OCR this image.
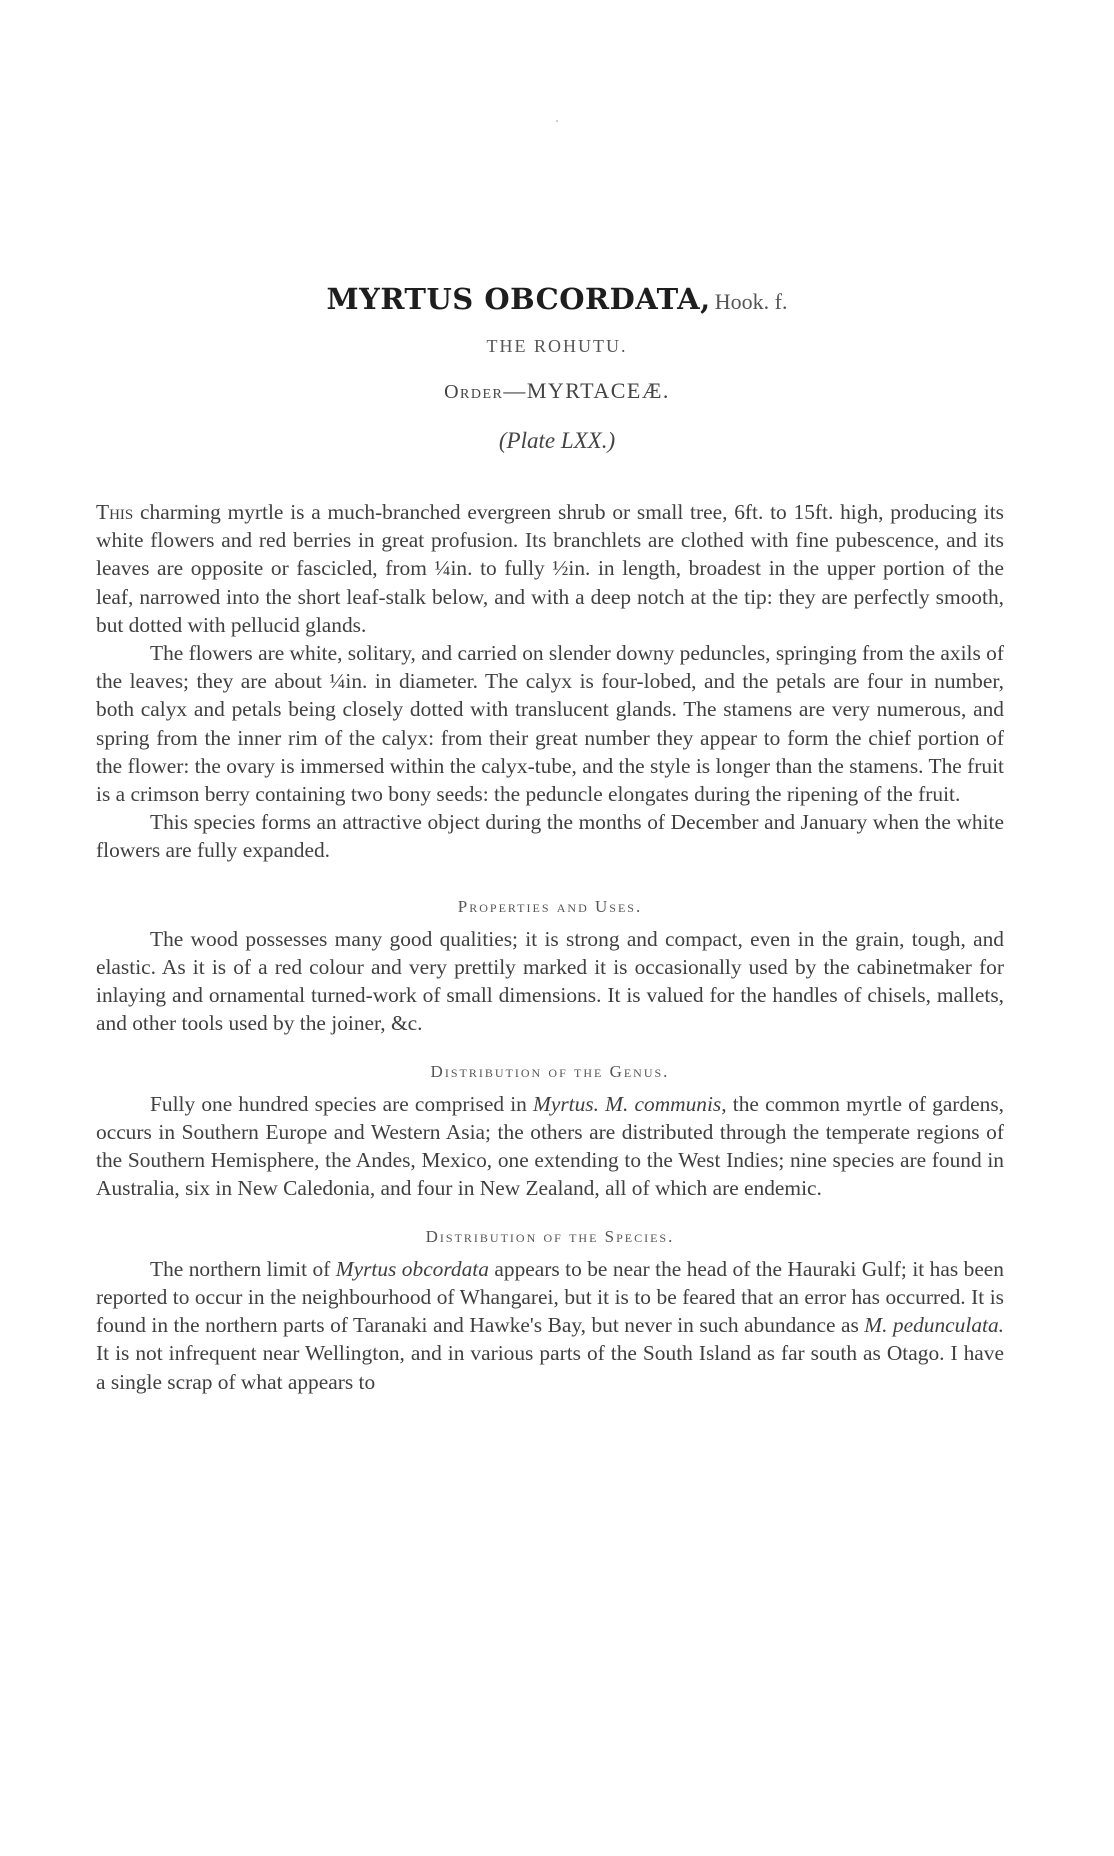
MYRTUS OBCORDATA, Hook. f.
THE ROHUTU.
Order—MYRTACEÆ.
(Plate LXX.)

This charming myrtle is a much-branched evergreen shrub or small tree, 6ft. to 15ft. high, producing its white flowers and red berries in great profusion. Its branchlets are clothed with fine pubescence, and its leaves are opposite or fascicled, from ¼in. to fully ½in. in length, broadest in the upper portion of the leaf, narrowed into the short leaf-stalk below, and with a deep notch at the tip: they are perfectly smooth, but dotted with pellucid glands.

The flowers are white, solitary, and carried on slender downy peduncles, springing from the axils of the leaves; they are about ¼in. in diameter. The calyx is four-lobed, and the petals are four in number, both calyx and petals being closely dotted with translucent glands. The stamens are very numerous, and spring from the inner rim of the calyx: from their great number they appear to form the chief portion of the flower: the ovary is immersed within the calyx-tube, and the style is longer than the stamens. The fruit is a crimson berry containing two bony seeds: the peduncle elongates during the ripening of the fruit.

This species forms an attractive object during the months of December and January when the white flowers are fully expanded.

Properties and Uses.

The wood possesses many good qualities; it is strong and compact, even in the grain, tough, and elastic. As it is of a red colour and very prettily marked it is occasionally used by the cabinetmaker for inlaying and ornamental turned-work of small dimensions. It is valued for the handles of chisels, mallets, and other tools used by the joiner, &c.

Distribution of the Genus.

Fully one hundred species are comprised in Myrtus. M. communis, the common myrtle of gardens, occurs in Southern Europe and Western Asia; the others are distributed through the temperate regions of the Southern Hemisphere, the Andes, Mexico, one extending to the West Indies; nine species are found in Australia, six in New Caledonia, and four in New Zealand, all of which are endemic.

Distribution of the Species.

The northern limit of Myrtus obcordata appears to be near the head of the Hauraki Gulf; it has been reported to occur in the neighbourhood of Whangarei, but it is to be feared that an error has occurred. It is found in the northern parts of Taranaki and Hawke's Bay, but never in such abundance as M. pedunculata. It is not infrequent near Wellington, and in various parts of the South Island as far south as Otago. I have a single scrap of what appears to
